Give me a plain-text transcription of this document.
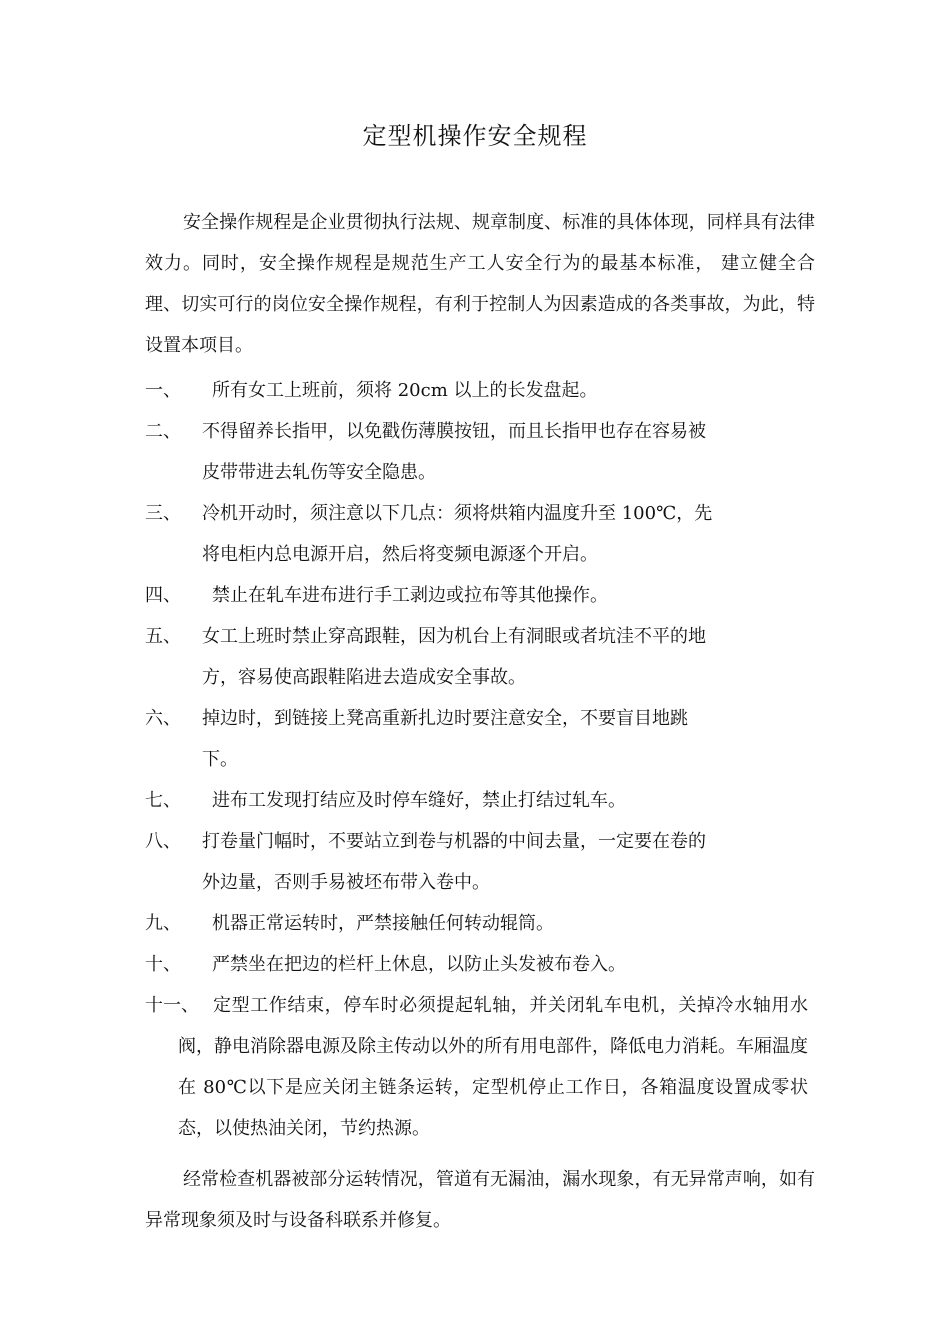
定型机操作安全规程

安全操作规程是企业贯彻执行法规、规章制度、标准的具体体现，同样具有法律效力。同时，安全操作规程是规范生产工人安全行为的最基本标准， 建立健全合理、切实可行的岗位安全操作规程，有利于控制人为因素造成的各类事故，为此，特设置本项目。

一、 所有女工上班前，须将 20cm 以上的长发盘起。
二、 不得留养长指甲，以免戳伤薄膜按钮，而且长指甲也存在容易被皮带带进去轧伤等安全隐患。
三、 冷机开动时，须注意以下几点：须将烘箱内温度升至 100℃，先将电柜内总电源开启，然后将变频电源逐个开启。
四、 禁止在轧车进布进行手工剥边或拉布等其他操作。
五、 女工上班时禁止穿高跟鞋，因为机台上有洞眼或者坑洼不平的地方，容易使高跟鞋陷进去造成安全事故。
六、 掉边时，到链接上凳高重新扎边时要注意安全，不要盲目地跳下。
七、 进布工发现打结应及时停车缝好，禁止打结过轧车。
八、 打卷量门幅时，不要站立到卷与机器的中间去量，一定要在卷的外边量，否则手易被坯布带入卷中。
九、 机器正常运转时，严禁接触任何转动辊筒。
十、 严禁坐在把边的栏杆上休息，以防止头发被布卷入。
十一、 定型工作结束，停车时必须提起轧轴，并关闭轧车电机，关掉冷水轴用水阀，静电消除器电源及除主传动以外的所有用电部件，降低电力消耗。车厢温度在 80℃以下是应关闭主链条运转，定型机停止工作日，各箱温度设置成零状态，以使热油关闭，节约热源。

经常检查机器被部分运转情况，管道有无漏油，漏水现象，有无异常声响，如有异常现象须及时与设备科联系并修复。
